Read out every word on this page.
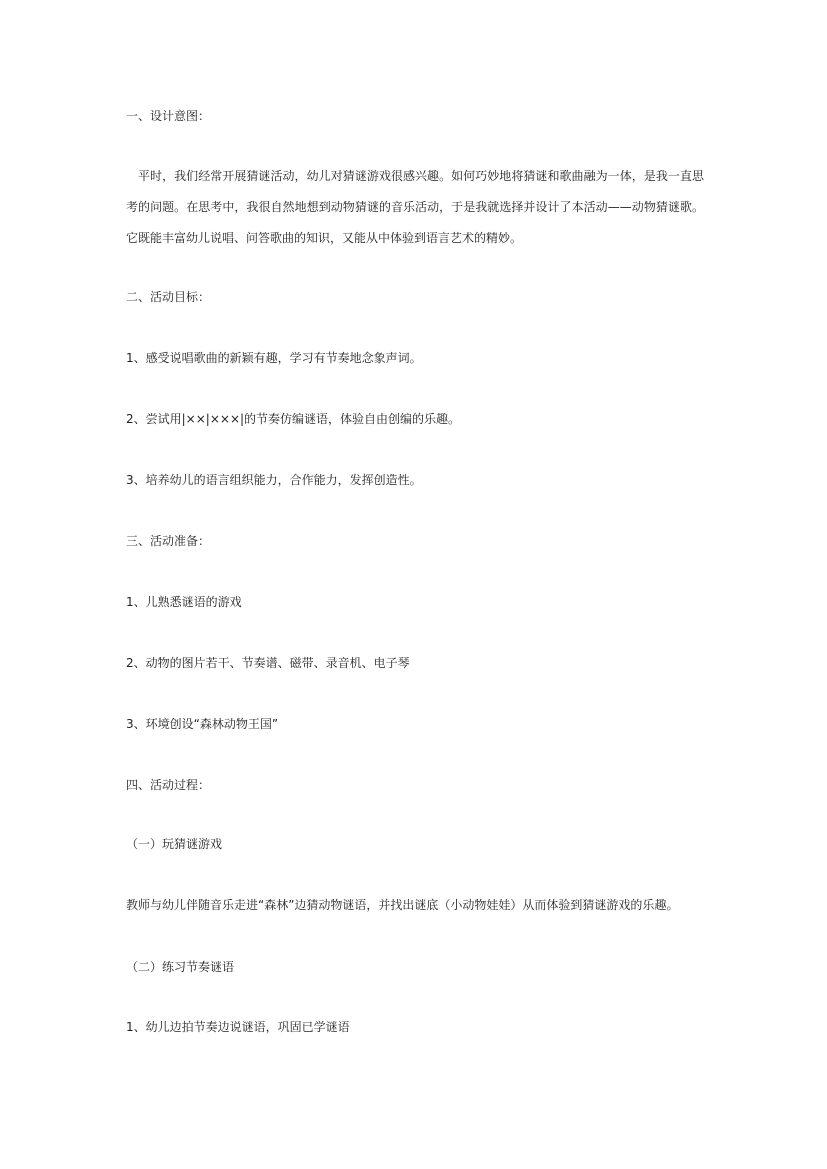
一、设计意图：
平时，我们经常开展猜谜活动，幼儿对猜谜游戏很感兴趣。如何巧妙地将猜谜和歌曲融为一体，是我一直思考的问题。在思考中，我很自然地想到动物猜谜的音乐活动，于是我就选择并设计了本活动——动物猜谜歌。它既能丰富幼儿说唱、问答歌曲的知识，又能从中体验到语言艺术的精妙。
二、活动目标：
1、感受说唱歌曲的新颖有趣，学习有节奏地念象声词。
2、尝试用|××|×××|的节奏仿编谜语，体验自由创编的乐趣。
3、培养幼儿的语言组织能力，合作能力，发挥创造性。
三、活动准备：
1、儿熟悉谜语的游戏
2、动物的图片若干、节奏谱、磁带、录音机、电子琴
3、环境创设“森林动物王国”
四、活动过程：
（一）玩猜谜游戏
教师与幼儿伴随音乐走进“森林”边猜动物谜语，并找出谜底（小动物娃娃）从而体验到猜谜游戏的乐趣。
（二）练习节奏谜语
1、幼儿边拍节奏边说谜语，巩固已学谜语
